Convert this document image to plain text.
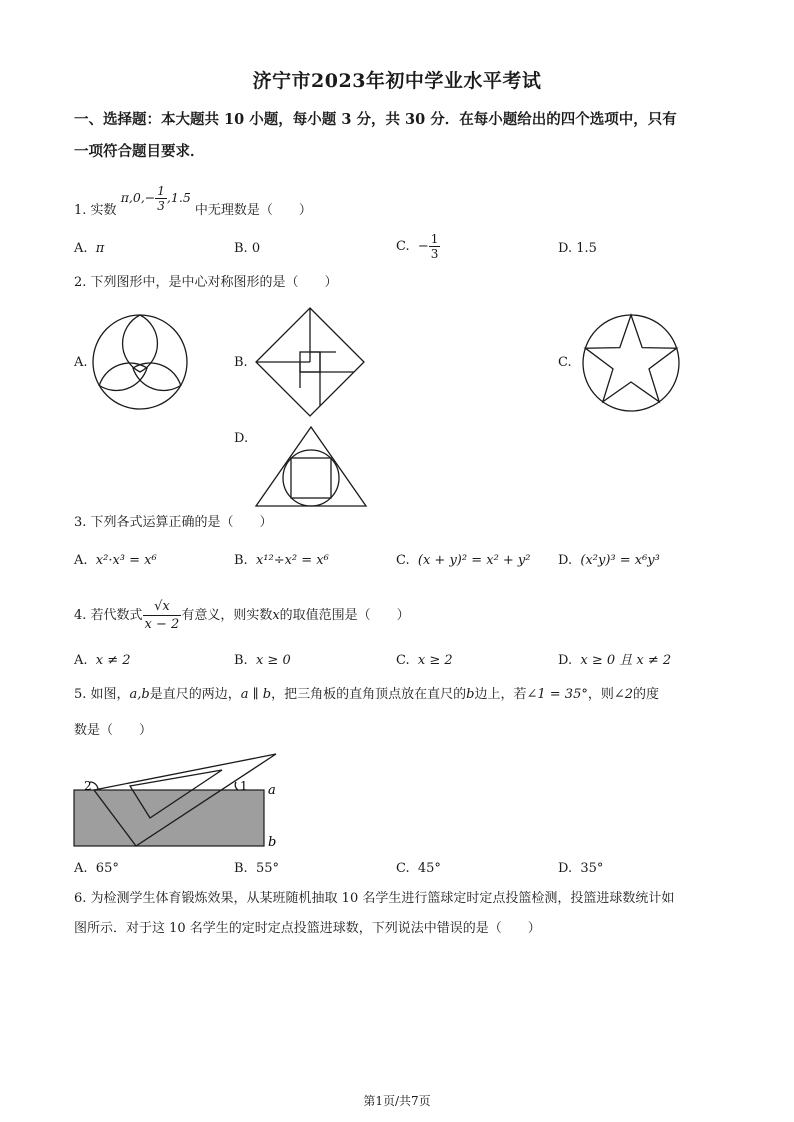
济宁市2023年初中学业水平考试
一、选择题：本大题共 10 小题，每小题 3 分，共 30 分．在每小题给出的四个选项中，只有
一项符合题目要求．
1. 实数 $\pi,0,- \frac{1}{3} ,1.5$ 中无理数是（　　）
A. π	B. 0	C. − $\frac{1}{3}$	D. 1.5
2. 下列图形中，是中心对称图形的是（　　）
A.	B.	C.
D.
3. 下列各式运算正确的是（　　）
A. x²·x³ = x⁶	B. x¹²÷x² = x⁶	C. (x + y)² = x² + y² D. (x²y)³ = x⁶y³
4. 若代数式 $\frac{√x}{x - 2}$ 有意义，则实数x的取值范围是（　　）
A. x ≠ 2	B. x ≥ 0	C. x ≥ 2	D. x ≥ 0 且 x ≠ 2
5. 如图，a,b是直尺的两边，a ∥ b，把三角板的直角顶点放在直尺的b边上，若∠1 = 35°，则∠2的度
数是（　　）
2	1 a
b
A. 65°	B. 55°	C. 45°	D. 35°
6. 为检测学生体育锻炼效果，从某班随机抽取 10 名学生进行篮球定时定点投篮检测，投篮进球数统计如
图所示．对于这 10 名学生的定时定点投篮进球数，下列说法中错误的是（　　）
第1页/共7页
